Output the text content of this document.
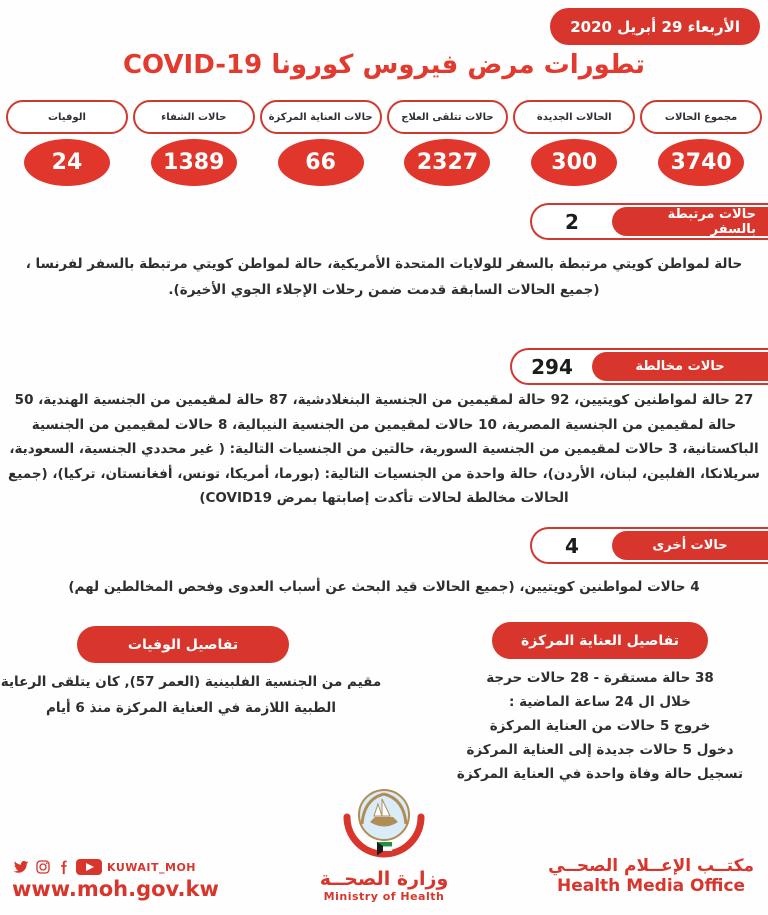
الأربعاء 29 أبريل 2020
تطورات مرض فيروس كورونا COVID-19
مجموع الحالات
3740
الحالات الجديدة
300
حالات تتلقى العلاج
2327
حالات العناية المركزة
66
حالات الشفاء
1389
الوفيات
24
2	حالات مرتبطة بالسفر

حالة لمواطن كويتي مرتبطة بالسفر للولايات المتحدة الأمريكية، حالة لمواطن كويتي مرتبطة بالسفر لفرنسا ، (جميع الحالات السابقة قدمت ضمن رحلات الإجلاء الجوي الأخيرة).

294	حالات مخالطة

27 حالة لمواطنين كويتيين، 92 حالة لمقيمين من الجنسية البنغلادشية، 87 حالة لمقيمين من الجنسية الهندية، 50 حالة لمقيمين من الجنسية المصرية، 10 حالات لمقيمين من الجنسية النيبالية، 8 حالات لمقيمين من الجنسية الباكستانية، 3 حالات لمقيمين من الجنسية السورية، حالتين من الجنسيات التالية: ( غير محددي الجنسية، السعودية، سريلانكا، الفلبين، لبنان، الأردن)، حالة واحدة من الجنسيات التالية: (بورما، أمريكا، تونس، أفغانستان، تركيا)، (جميع الحالات مخالطة لحالات تأكدت إصابتها بمرض COVID19)

4	حالات أخرى

4 حالات لمواطنين كويتيين، (جميع الحالات قيد البحث عن أسباب العدوى وفحص المخالطين لهم)

تفاصيل الوفيات

مقيم من الجنسية الفلبينية (العمر 57), كان يتلقى الرعاية الطبية اللازمة في العناية المركزة منذ 6 أيام

تفاصيل العناية المركزة
38 حالة مستقرة - 28 حالات حرجة
خلال ال 24 ساعة الماضية :
خروج 5 حالات من العناية المركزة
دخول 5 حالات جديدة إلى العناية المركزة
تسجيل حالة وفاة واحدة في العناية المركزة
وزارة الصحــة
Ministry of Health
KUWAIT_MOH
www.moh.gov.kw
مكتــب الإعــلام الصحــي
Health Media Office
